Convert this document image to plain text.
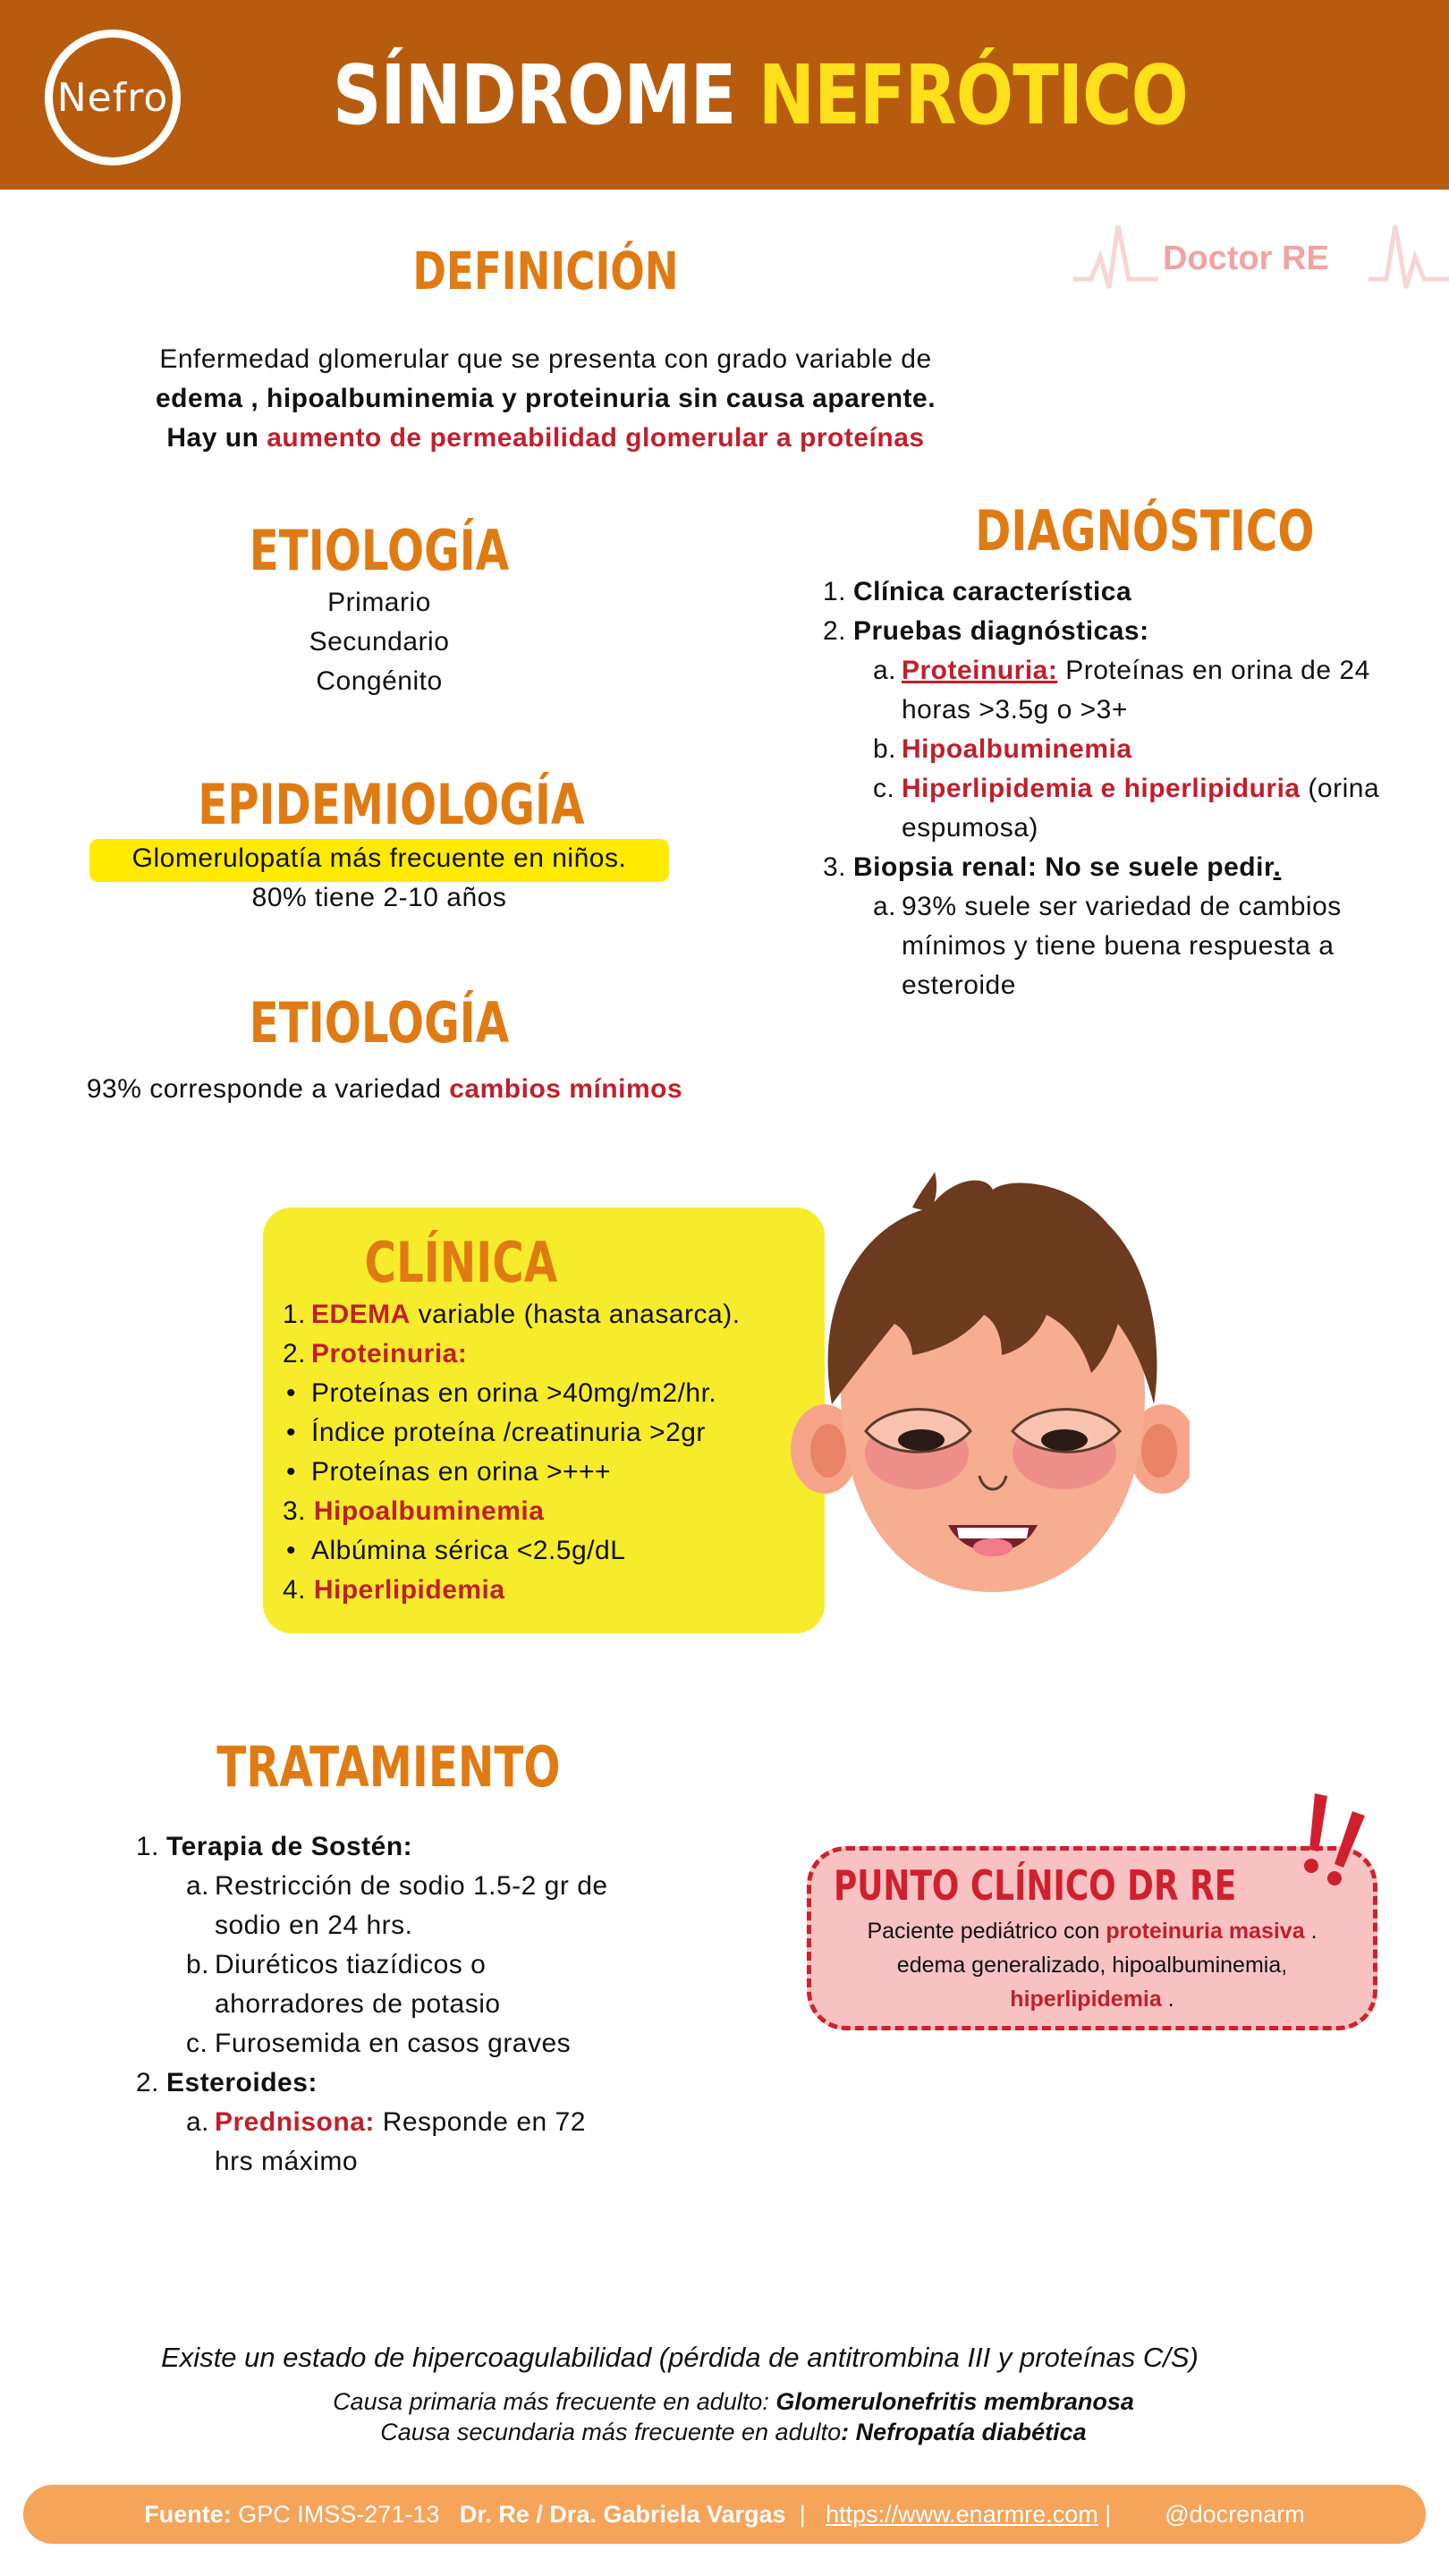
Nefro SÍNDROME NEFRÓTICO
Doctor RE
DEFINICIÓN
Enfermedad glomerular que se presenta con grado variable de
edema , hipoalbuminemia y proteinuria sin causa aparente.
Hay un aumento de permeabilidad glomerular a proteínas
ETIOLOGÍA
Primario
Secundario
Congénito
EPIDEMIOLOGÍA
Glomerulopatía más frecuente en niños.
80% tiene 2-10 años
ETIOLOGÍA
93% corresponde a variedad cambios mínimos
DIAGNÓSTICO
1. Clínica característica
2. Pruebas diagnósticas:
a. Proteinuria: Proteínas en orina de 24
horas >3.5g o >3+
b. Hipoalbuminemia
c. Hiperlipidemia e hiperlipiduria (orina
espumosa)
3. Biopsia renal: No se suele pedir.
a. 93% suele ser variedad de cambios
mínimos y tiene buena respuesta a
esteroide
CLÍNICA
1. EDEMA variable (hasta anasarca).
2. Proteinuria:
• Proteínas en orina >40mg/m2/hr.
• Índice proteína /creatinuria >2gr
• Proteínas en orina >+++
3. Hipoalbuminemia
• Albúmina sérica <2.5g/dL
4. Hiperlipidemia
TRATAMIENTO
1. Terapia de Sostén:
a. Restricción de sodio 1.5-2 gr de
sodio en 24 hrs.
b. Diuréticos tiazídicos o
ahorradores de potasio
c. Furosemida en casos graves
2. Esteroides:
a. Prednisona: Responde en 72
hrs máximo
PUNTO CLÍNICO DR RE
Paciente pediátrico con proteinuria masiva .
edema generalizado, hipoalbuminemia,
hiperlipidemia .
Existe un estado de hipercoagulabilidad (pérdida de antitrombina III y proteínas C/S)
Causa primaria más frecuente en adulto: Glomerulonefritis membranosa
Causa secundaria más frecuente en adulto: Nefropatía diabética
Fuente: GPC IMSS-271-13 Dr. Re / Dra. Gabriela Vargas | https://www.enarmre.com | @docrenarm
